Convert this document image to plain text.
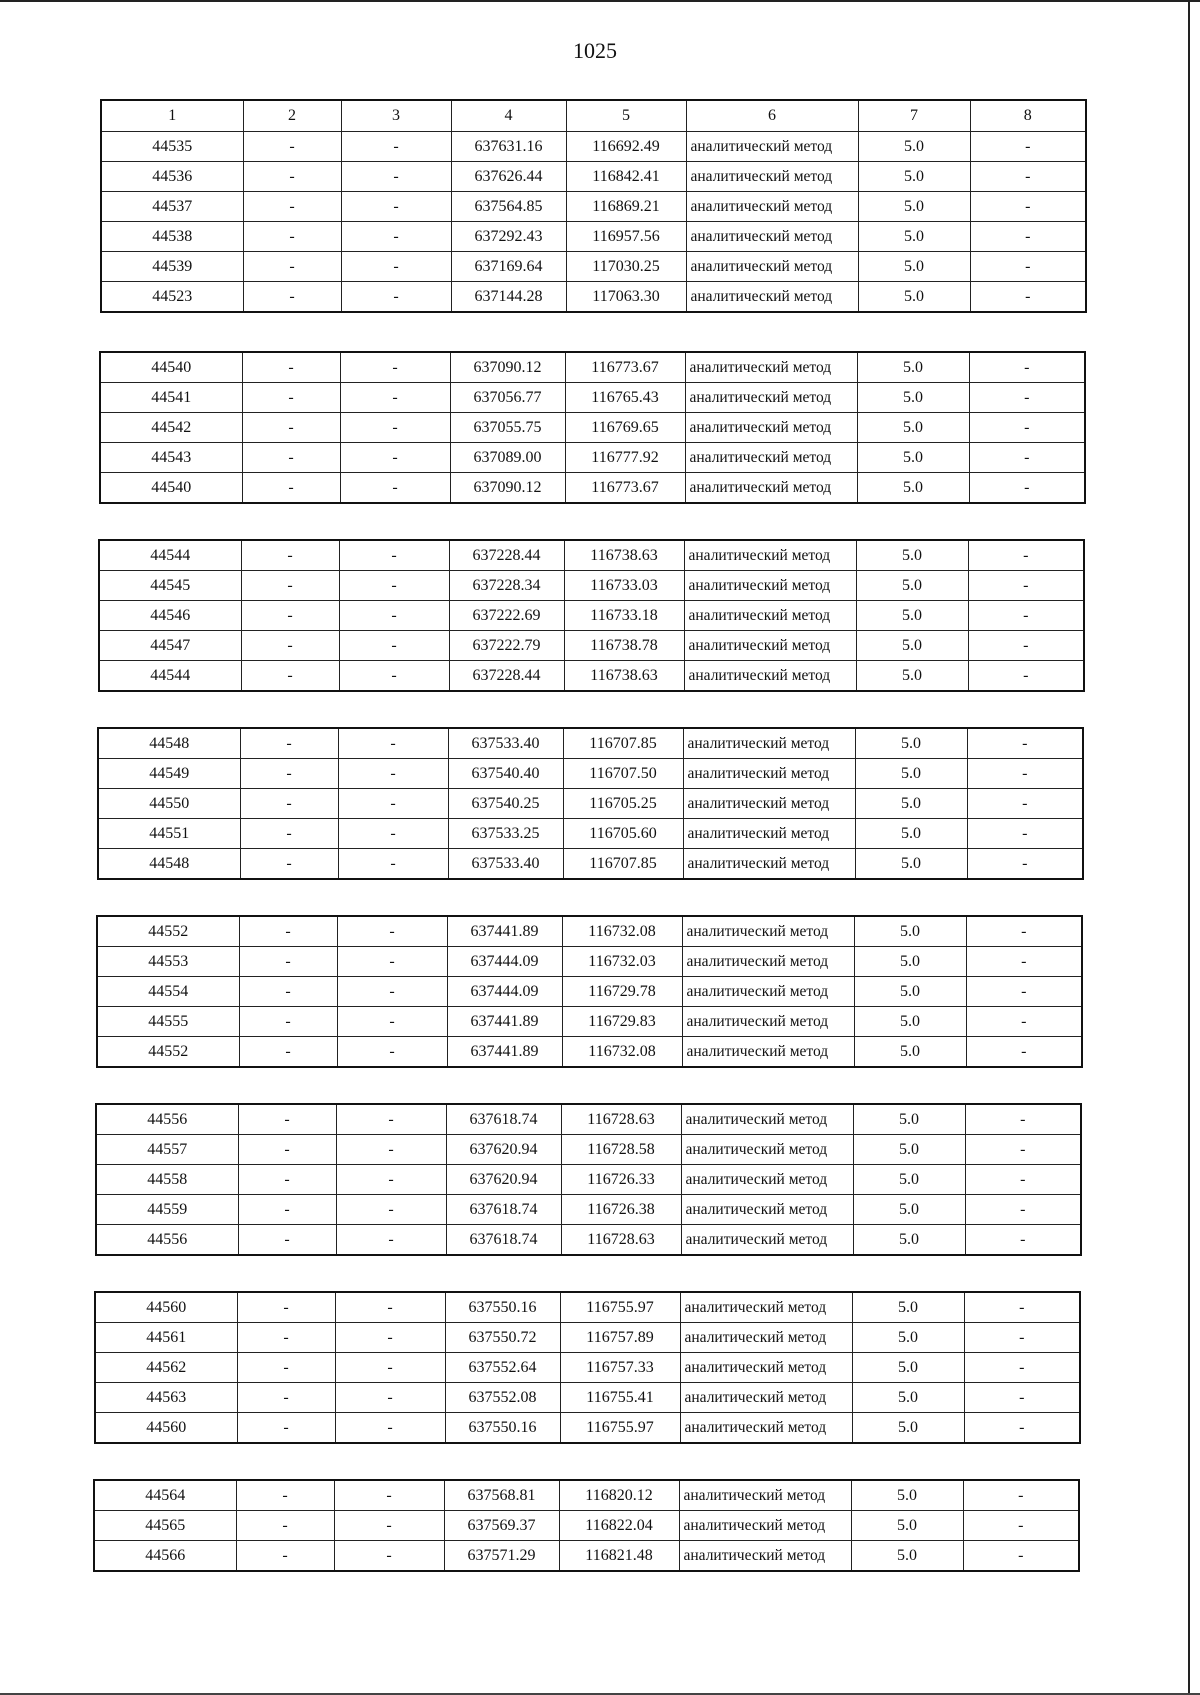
1025
1	2	3	4	5	6	7	8
44535	-	-	637631.16	116692.49	аналитический метод	5.0	-
44536	-	-	637626.44	116842.41	аналитический метод	5.0	-
44537	-	-	637564.85	116869.21	аналитический метод	5.0	-
44538	-	-	637292.43	116957.56	аналитический метод	5.0	-
44539	-	-	637169.64	117030.25	аналитический метод	5.0	-
44523	-	-	637144.28	117063.30	аналитический метод	5.0	-
44540	-	-	637090.12	116773.67	аналитический метод	5.0	-
44541	-	-	637056.77	116765.43	аналитический метод	5.0	-
44542	-	-	637055.75	116769.65	аналитический метод	5.0	-
44543	-	-	637089.00	116777.92	аналитический метод	5.0	-
44540	-	-	637090.12	116773.67	аналитический метод	5.0	-
44544	-	-	637228.44	116738.63	аналитический метод	5.0	-
44545	-	-	637228.34	116733.03	аналитический метод	5.0	-
44546	-	-	637222.69	116733.18	аналитический метод	5.0	-
44547	-	-	637222.79	116738.78	аналитический метод	5.0	-
44544	-	-	637228.44	116738.63	аналитический метод	5.0	-
44548	-	-	637533.40	116707.85	аналитический метод	5.0	-
44549	-	-	637540.40	116707.50	аналитический метод	5.0	-
44550	-	-	637540.25	116705.25	аналитический метод	5.0	-
44551	-	-	637533.25	116705.60	аналитический метод	5.0	-
44548	-	-	637533.40	116707.85	аналитический метод	5.0	-
44552	-	-	637441.89	116732.08	аналитический метод	5.0	-
44553	-	-	637444.09	116732.03	аналитический метод	5.0	-
44554	-	-	637444.09	116729.78	аналитический метод	5.0	-
44555	-	-	637441.89	116729.83	аналитический метод	5.0	-
44552	-	-	637441.89	116732.08	аналитический метод	5.0	-
44556	-	-	637618.74	116728.63	аналитический метод	5.0	-
44557	-	-	637620.94	116728.58	аналитический метод	5.0	-
44558	-	-	637620.94	116726.33	аналитический метод	5.0	-
44559	-	-	637618.74	116726.38	аналитический метод	5.0	-
44556	-	-	637618.74	116728.63	аналитический метод	5.0	-
44560	-	-	637550.16	116755.97	аналитический метод	5.0	-
44561	-	-	637550.72	116757.89	аналитический метод	5.0	-
44562	-	-	637552.64	116757.33	аналитический метод	5.0	-
44563	-	-	637552.08	116755.41	аналитический метод	5.0	-
44560	-	-	637550.16	116755.97	аналитический метод	5.0	-
44564	-	-	637568.81	116820.12	аналитический метод	5.0	-
44565	-	-	637569.37	116822.04	аналитический метод	5.0	-
44566	-	-	637571.29	116821.48	аналитический метод	5.0	-
